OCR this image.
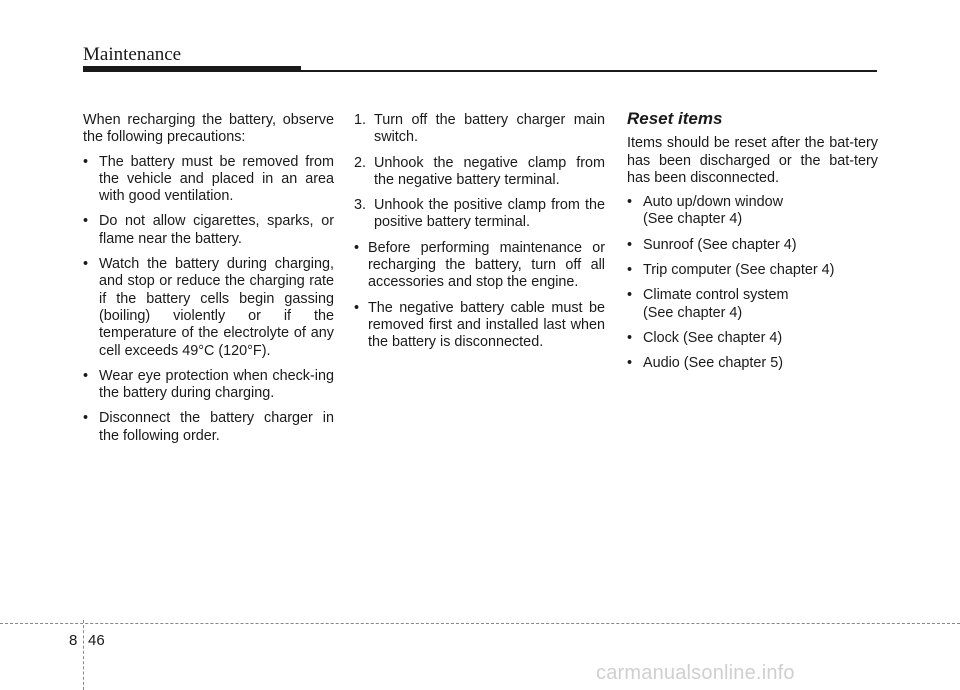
Maintenance

When recharging the battery, observe the following precautions:

• The battery must be removed from the vehicle and placed in an area with good ventilation.
• Do not allow cigarettes, sparks, or flame near the battery.
• Watch the battery during charging, and stop or reduce the charging rate if the battery cells begin gassing (boiling) violently or if the temperature of the electrolyte of any cell exceeds 49°C (120°F).
• Wear eye protection when check-ing the battery during charging.
• Disconnect the battery charger in the following order.
1. Turn off the battery charger main switch.
2. Unhook the negative clamp from the negative battery terminal.
3. Unhook the positive clamp from the positive battery terminal.
• Before performing maintenance or recharging the battery, turn off all accessories and stop the engine.
• The negative battery cable must be removed first and installed last when the battery is disconnected.
Reset items

Items should be reset after the bat-tery has been discharged or the bat-tery has been disconnected.

• Auto up/down window
(See chapter 4)
• Sunroof (See chapter 4)
• Trip computer (See chapter 4)
• Climate control system
(See chapter 4)
• Clock (See chapter 4)
• Audio (See chapter 5)
8 46
carmanualsonline.info
